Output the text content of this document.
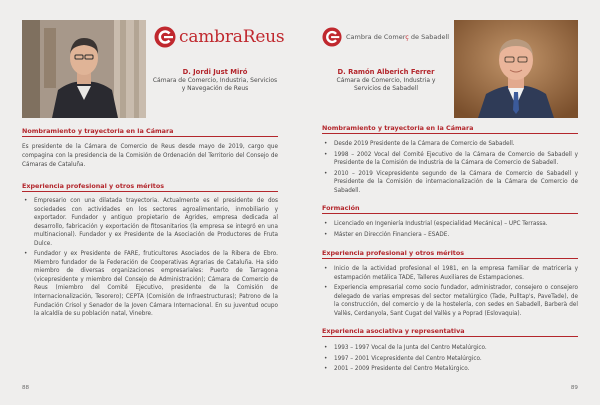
cambraReus
D. Jordi Just Miró
Cámara de Comercio, Industria, Servicios
y Navegación de Reus
Nombramiento y trayectoria en la Cámara
Es presidente de la Cámara de Comercio de Reus desde mayo de 2019, cargo que compagina con la presidencia de la Comisión de Ordenación del Territorio del Consejo de Cámaras de Cataluña.
Experiencia profesional y otros méritos
• Empresario con una dilatada trayectoria. Actualmente es el presidente de dos sociedades con actividades en los sectores agroalimentario, inmobiliario y exportador. Fundador y antiguo propietario de Agrides, empresa dedicada al desarrollo, fabricación y exportación de fitosanitarios (la empresa se integró en una multinacional). Fundador y ex Presidente de la Asociación de Productores de Fruta Dulce.
• Fundador y ex Presidente de FARE, fruticultores Asociados de la Ribera de Ebro. Miembro fundador de la Federación de Cooperativas Agrarias de Cataluña. Ha sido miembro de diversas organizaciones empresariales: Puerto de Tarragona (vicepresidente y miembro del Consejo de Administración); Cámara de Comercio de Reus (miembro del Comité Ejecutivo, presidente de la Comisión de Internacionalización, Tesorero); CEPTA (Comisión de Infraestructuras); Patrono de la Fundación Crisol y Senador de la Joven Cámara Internacional. En su juventud ocupo la alcaldía de su población natal, Vinebre.
88
Cambra de Comerç de Sabadell
D. Ramón Alberich Ferrer
Cámara de Comercio, Industria y
Servicios de Sabadell
Nombramiento y trayectoria en la Cámara
• Desde 2019 Presidente de la Cámara de Comercio de Sabadell.
• 1998 – 2002 Vocal del Comité Ejecutivo de la Cámara de Comercio de Sabadell y Presidente de la Comisión de Industria de la Cámara de Comercio de Sabadell.
• 2010 – 2019 Vicepresidente segundo de la Cámara de Comercio de Sabadell y Presidente de la Comisión de internacionalización de la Cámara de Comercio de Sabadell.
Formación
• Licenciado en Ingeniería Industrial (especialidad Mecánica) – UPC Terrassa.
• Máster en Dirección Financiera – ESADE.
Experiencia profesional y otros méritos
• Inicio de la actividad profesional el 1981, en la empresa familiar de matricería y estampación metálica TADE, Talleres Auxiliares de Estampaciones.
• Experiencia empresarial como socio fundador, administrador, consejero o consejero delegado de varias empresas del sector metalúrgico (Tade, Pulltap's, PaveTade), de la construcción, del comercio y de la hostelería, con sedes en Sabadell, Barberà del Vallès, Cerdanyola, Sant Cugat del Vallès y a Poprad (Eslovaquia).
Experiencia asociativa y representativa
• 1993 – 1997 Vocal de la Junta del Centro Metalúrgico.
• 1997 – 2001 Vicepresidente del Centro Metalúrgico.
• 2001 – 2009 Presidente del Centro Metalúrgico.
89
